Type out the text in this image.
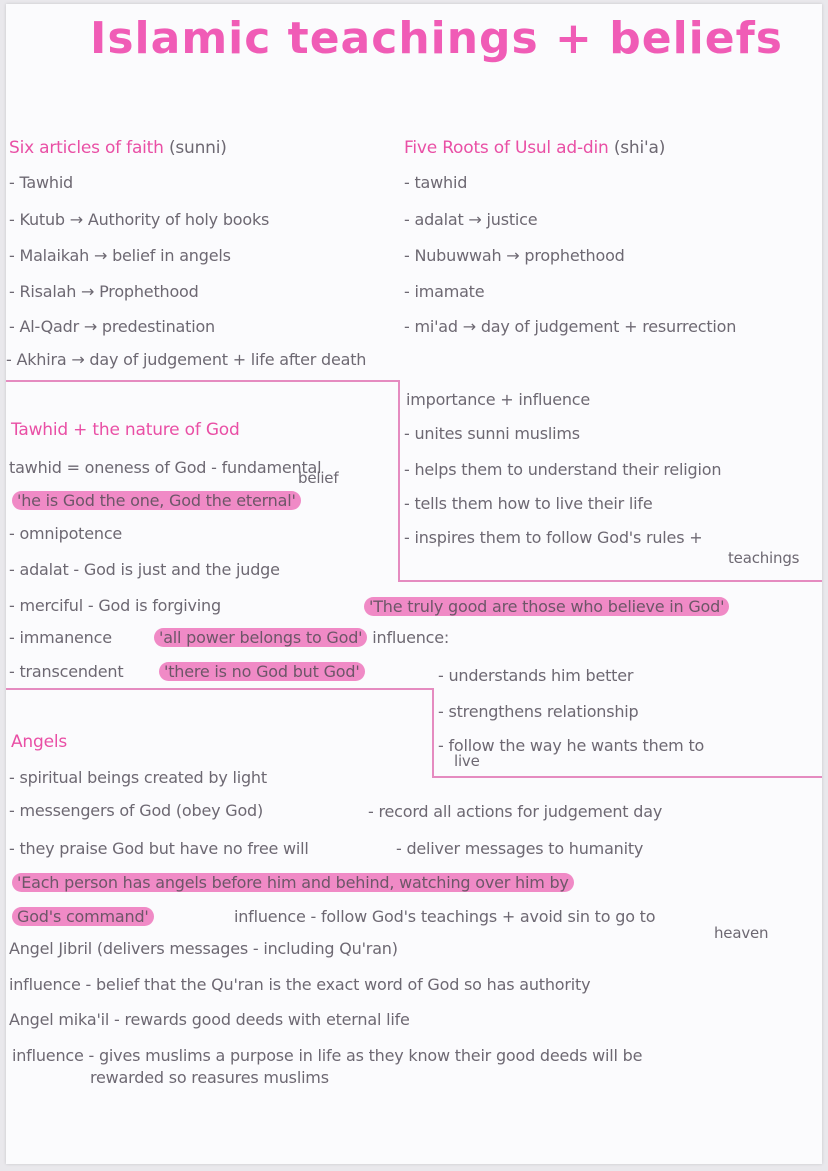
Islamic teachings + beliefs
Six articles of faith (sunni)
- Tawhid
- Kutub → Authority of holy books
- Malaikah → belief in angels
- Risalah → Prophethood
- Al-Qadr → predestination
- Akhira → day of judgement + life after death
Five Roots of Usul ad-din (shi'a)
- tawhid
- adalat → justice
- Nubuwwah → prophethood
- imamate
- mi'ad → day of judgement + resurrection
importance + influence
- unites sunni muslims
- helps them to understand their religion
- tells them how to live their life
- inspires them to follow God's rules +
teachings
Tawhid + the nature of God
tawhid = oneness of God - fundamental
belief
'he is God the one, God the eternal'
- omnipotence
- adalat - God is just and the judge
- merciful - God is forgiving	'The truly good are those who believe in God'
- immanence	'all power belongs to God' influence:
- transcendent	'there is no God but God'	- understands him better
- strengthens relationship
- follow the way he wants them to
live
Angels
- spiritual beings created by light
- messengers of God (obey God)	- record all actions for judgement day
- they praise God but have no free will	- deliver messages to humanity
'Each person has angels before him and behind, watching over him by
God's command'	influence - follow God's teachings + avoid sin to go to
heaven
Angel Jibril (delivers messages - including Qu'ran)
influence - belief that the Qu'ran is the exact word of God so has authority
Angel mika'il - rewards good deeds with eternal life
influence - gives muslims a purpose in life as they know their good deeds will be
rewarded so reasures muslims
